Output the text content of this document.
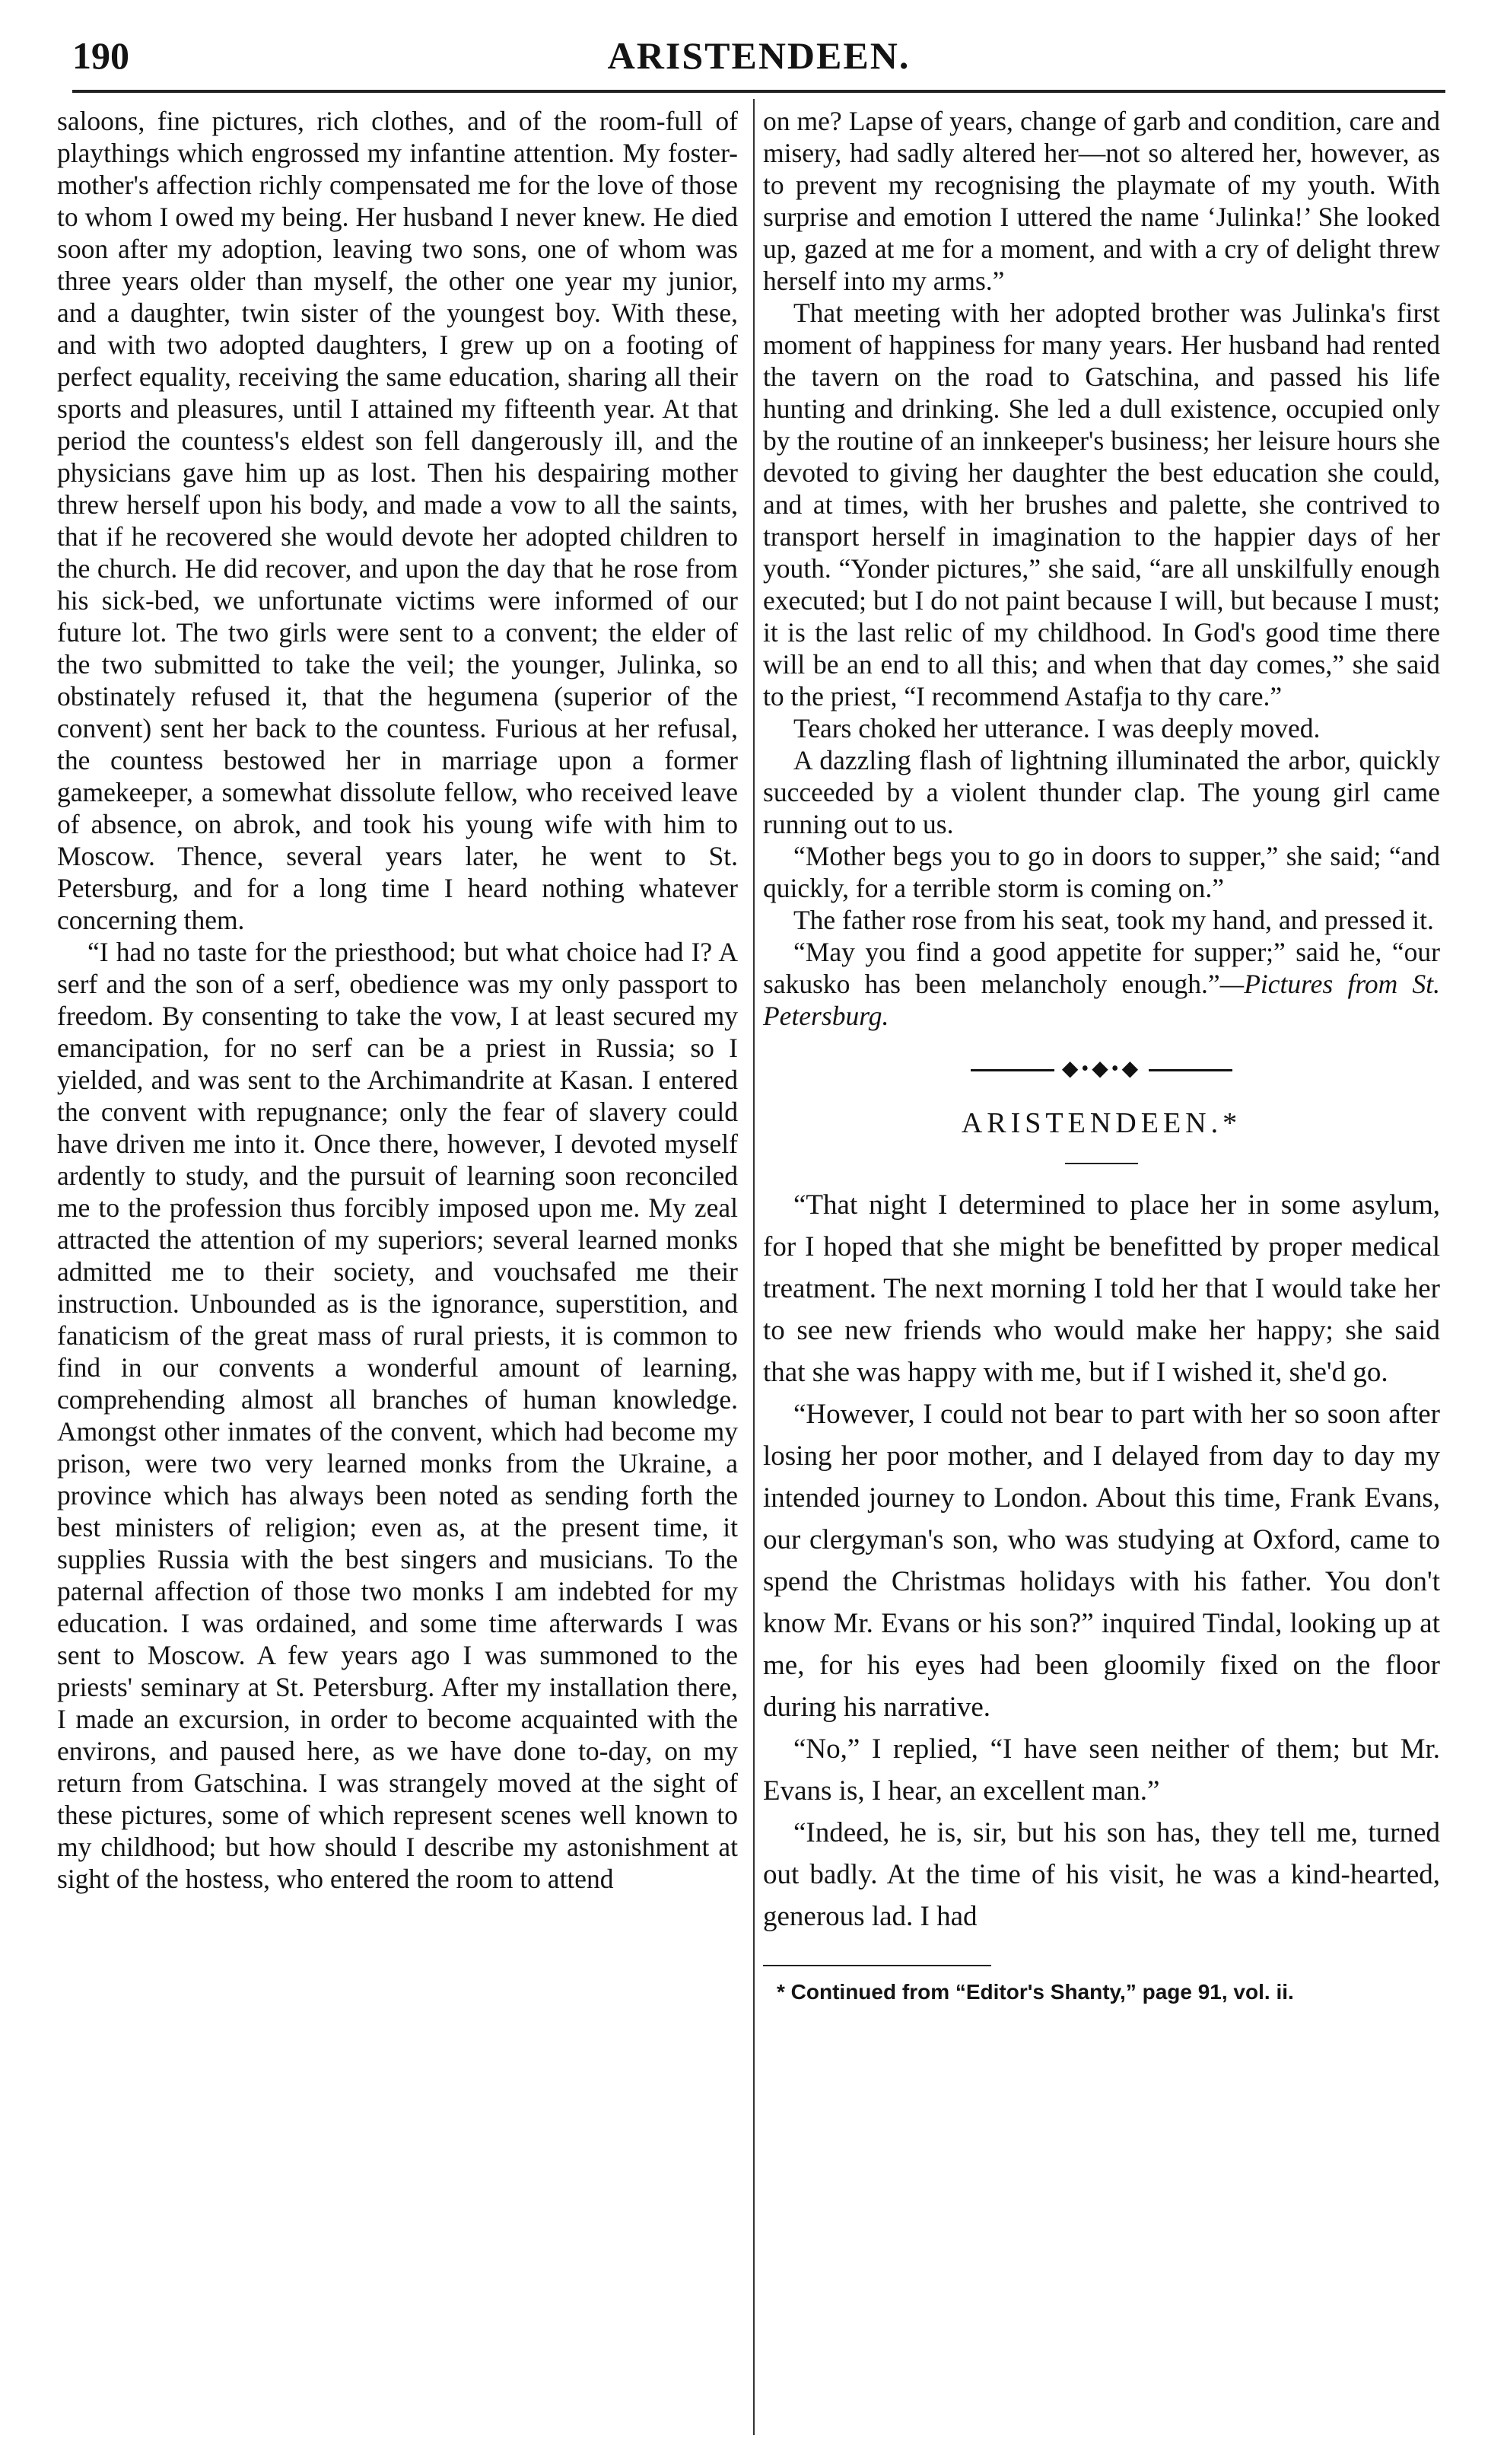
190	ARISTENDEEN.

saloons, fine pictures, rich clothes, and of the room-full of playthings which engrossed my infantine attention. My foster-mother's affection richly compensated me for the love of those to whom I owed my being. Her husband I never knew. He died soon after my adoption, leaving two sons, one of whom was three years older than myself, the other one year my junior, and a daughter, twin sister of the youngest boy. With these, and with two adopted daughters, I grew up on a footing of perfect equality, receiving the same education, sharing all their sports and pleasures, until I attained my fifteenth year. At that period the countess's eldest son fell dangerously ill, and the physicians gave him up as lost. Then his despairing mother threw herself upon his body, and made a vow to all the saints, that if he recovered she would devote her adopted children to the church. He did recover, and upon the day that he rose from his sick-bed, we unfortunate victims were informed of our future lot. The two girls were sent to a convent; the elder of the two submitted to take the veil; the younger, Julinka, so obstinately refused it, that the hegumena (superior of the convent) sent her back to the countess. Furious at her refusal, the countess bestowed her in marriage upon a former gamekeeper, a somewhat dissolute fellow, who received leave of absence, on abrok, and took his young wife with him to Moscow. Thence, several years later, he went to St. Petersburg, and for a long time I heard nothing whatever concerning them.

“I had no taste for the priesthood; but what choice had I? A serf and the son of a serf, obedience was my only passport to freedom. By consenting to take the vow, I at least secured my emancipation, for no serf can be a priest in Russia; so I yielded, and was sent to the Archimandrite at Kasan. I entered the convent with repugnance; only the fear of slavery could have driven me into it. Once there, however, I devoted myself ardently to study, and the pursuit of learning soon reconciled me to the profession thus forcibly imposed upon me. My zeal attracted the attention of my superiors; several learned monks admitted me to their society, and vouchsafed me their instruction. Unbounded as is the ignorance, superstition, and fanaticism of the great mass of rural priests, it is common to find in our convents a wonderful amount of learning, comprehending almost all branches of human knowledge. Amongst other inmates of the convent, which had become my prison, were two very learned monks from the Ukraine, a province which has always been noted as sending forth the best ministers of religion; even as, at the present time, it supplies Russia with the best singers and musicians. To the paternal affection of those two monks I am indebted for my education. I was ordained, and some time afterwards I was sent to Moscow. A few years ago I was summoned to the priests' seminary at St. Petersburg. After my installation there, I made an excursion, in order to become acquainted with the environs, and paused here, as we have done to-day, on my return from Gatschina. I was strangely moved at the sight of these pictures, some of which represent scenes well known to my childhood; but how should I describe my astonishment at sight of the hostess, who entered the room to attend

on me? Lapse of years, change of garb and condition, care and misery, had sadly altered her—not so altered her, however, as to prevent my recognising the playmate of my youth. With surprise and emotion I uttered the name ‘Julinka!’ She looked up, gazed at me for a moment, and with a cry of delight threw herself into my arms.”

That meeting with her adopted brother was Julinka's first moment of happiness for many years. Her husband had rented the tavern on the road to Gatschina, and passed his life hunting and drinking. She led a dull existence, occupied only by the routine of an innkeeper's business; her leisure hours she devoted to giving her daughter the best education she could, and at times, with her brushes and palette, she contrived to transport herself in imagination to the happier days of her youth. “Yonder pictures,” she said, “are all unskilfully enough executed; but I do not paint because I will, but because I must; it is the last relic of my childhood. In God's good time there will be an end to all this; and when that day comes,” she said to the priest, “I recommend Astafja to thy care.”

Tears choked her utterance. I was deeply moved.

A dazzling flash of lightning illuminated the arbor, quickly succeeded by a violent thunder clap. The young girl came running out to us.

“Mother begs you to go in doors to supper,” she said; “and quickly, for a terrible storm is coming on.”

The father rose from his seat, took my hand, and pressed it.

“May you find a good appetite for supper;” said he, “our sakusko has been melancholy enough.”—Pictures from St. Petersburg.

◆•◆•◆
ARISTENDEEN.*

“That night I determined to place her in some asylum, for I hoped that she might be benefitted by proper medical treatment. The next morning I told her that I would take her to see new friends who would make her happy; she said that she was happy with me, but if I wished it, she'd go.

“However, I could not bear to part with her so soon after losing her poor mother, and I delayed from day to day my intended journey to London. About this time, Frank Evans, our clergyman's son, who was studying at Oxford, came to spend the Christmas holidays with his father. You don't know Mr. Evans or his son?” inquired Tindal, looking up at me, for his eyes had been gloomily fixed on the floor during his narrative.

“No,” I replied, “I have seen neither of them; but Mr. Evans is, I hear, an excellent man.”

“Indeed, he is, sir, but his son has, they tell me, turned out badly. At the time of his visit, he was a kind-hearted, generous lad. I had

* Continued from “Editor's Shanty,” page 91, vol. ii.
